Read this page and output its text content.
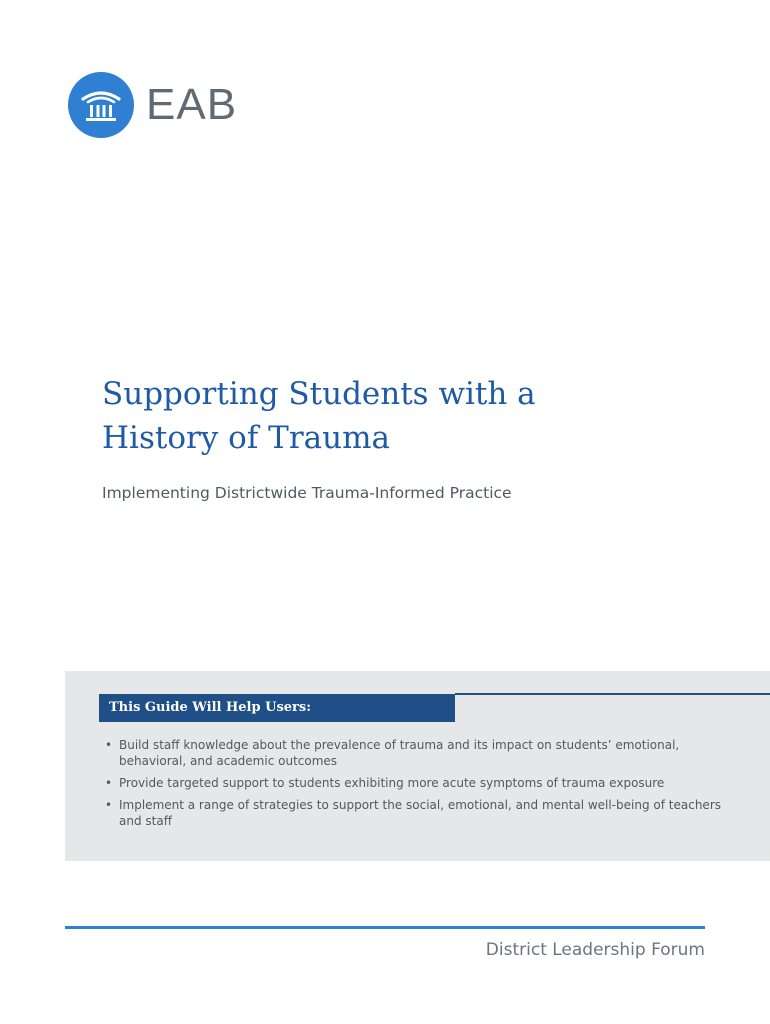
EAB
Supporting Students with a
History of Trauma
Implementing Districtwide Trauma-Informed Practice
This Guide Will Help Users:
• Build staff knowledge about the prevalence of trauma and its impact on students’ emotional, behavioral, and academic outcomes
• Provide targeted support to students exhibiting more acute symptoms of trauma exposure
• Implement a range of strategies to support the social, emotional, and mental well-being of teachers and staff
District Leadership Forum
